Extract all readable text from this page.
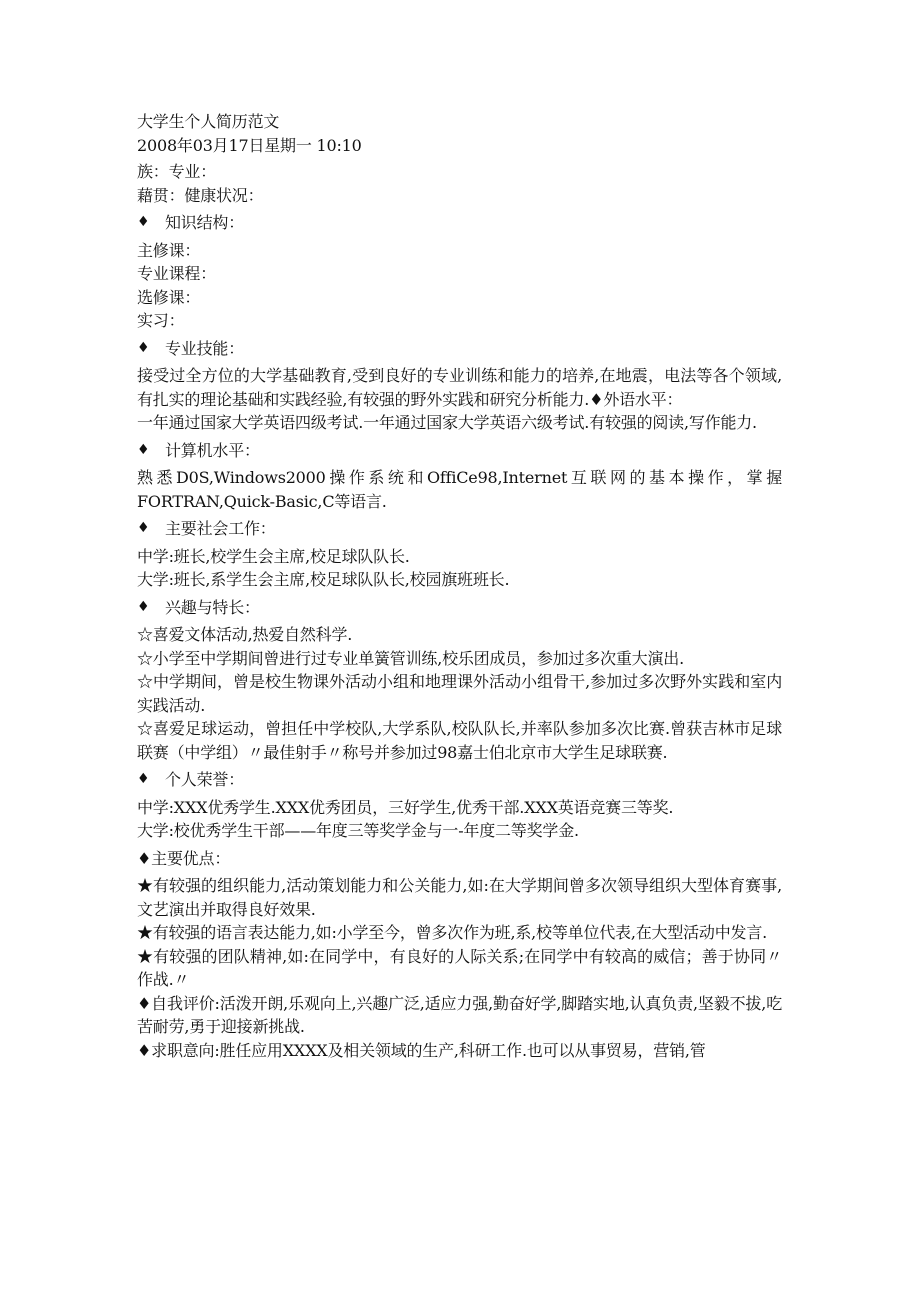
大学生个人简历范文
2008年03月17日星期一 10:10
族：专业：
藉贯：健康状况：
♦ 知识结构：
主修课：
专业课程：
选修课：
实习：
♦ 专业技能：
接受过全方位的大学基础教育,受到良好的专业训练和能力的培养,在地震，电法等各个领域,有扎实的理论基础和实践经验,有较强的野外实践和研究分析能力.♦外语水平：
一年通过国家大学英语四级考试.一年通过国家大学英语六级考试.有较强的阅读,写作能力.
♦ 计算机水平：
熟悉D0S,Windows2000操作系统和OffiCe98,Internet互联网的基本操作，掌握FORTRAN,Quick-Basic,C等语言.
♦ 主要社会工作：
中学:班长,校学生会主席,校足球队队长.
大学:班长,系学生会主席,校足球队队长,校园旗班班长.
♦ 兴趣与特长：
☆喜爱文体活动,热爱自然科学.
☆小学至中学期间曾进行过专业单簧管训练,校乐团成员，参加过多次重大演出.
☆中学期间，曾是校生物课外活动小组和地理课外活动小组骨干,参加过多次野外实践和室内实践活动.
☆喜爱足球运动，曾担任中学校队,大学系队,校队队长,并率队参加多次比赛.曾获吉林市足球联赛（中学组）〃最佳射手〃称号并参加过98嘉士伯北京市大学生足球联赛.
♦ 个人荣誉：
中学:XXX优秀学生.XXX优秀团员，三好学生,优秀干部.XXX英语竞赛三等奖.
大学:校优秀学生干部——年度三等奖学金与一-年度二等奖学金.
♦主要优点：
★有较强的组织能力,活动策划能力和公关能力,如:在大学期间曾多次领导组织大型体育赛事,文艺演出并取得良好效果.
★有较强的语言表达能力,如:小学至今，曾多次作为班,系,校等单位代表,在大型活动中发言.
★有较强的团队精神,如:在同学中，有良好的人际关系;在同学中有较高的威信；善于协同〃作战.〃
♦自我评价:活泼开朗,乐观向上,兴趣广泛,适应力强,勤奋好学,脚踏实地,认真负责,坚毅不拔,吃苦耐劳,勇于迎接新挑战.
♦求职意向:胜任应用XXXX及相关领域的生产,科研工作.也可以从事贸易，营销,管
